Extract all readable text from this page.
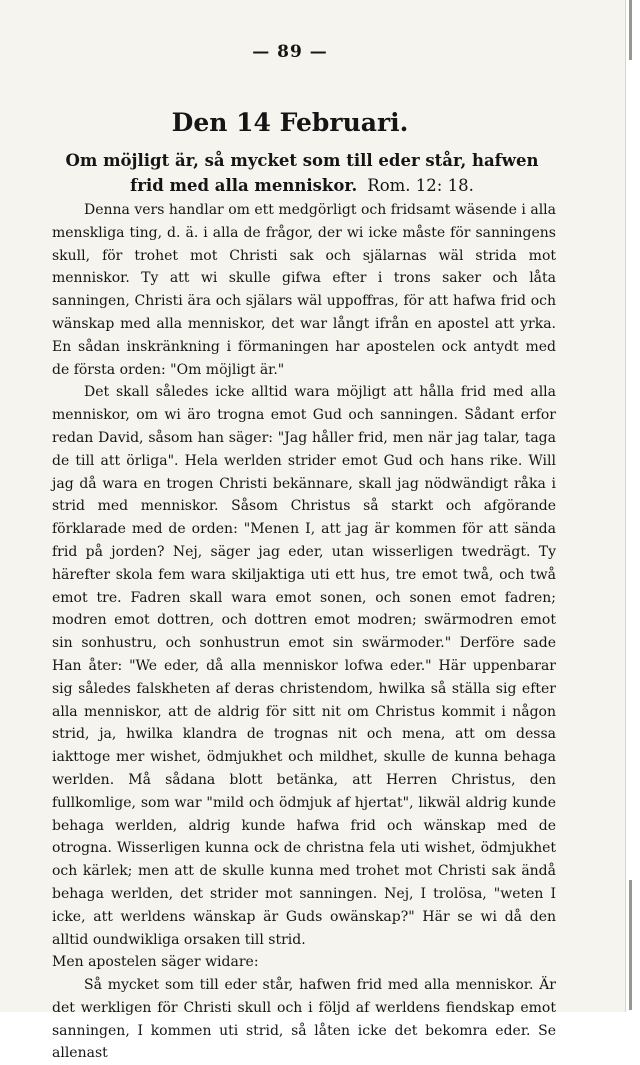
— 89 —
Den 14 Februari.
Om möjligt är, så mycket som till eder står, hafwen frid med alla menniskor. Rom. 12: 18.

Denna vers handlar om ett medgörligt och fridsamt wäsende i alla menskliga ting, d. ä. i alla de frågor, der wi icke måste för sanningens skull, för trohet mot Christi sak och själarnas wäl strida mot menniskor. Ty att wi skulle gifwa efter i trons saker och låta sanningen, Christi ära och själars wäl uppoffras, för att hafwa frid och wänskap med alla menniskor, det war långt ifrån en apostel att yrka. En sådan inskränkning i förmaningen har apostelen ock antydt med de första orden: "Om möjligt är."

Det skall således icke alltid wara möjligt att hålla frid med alla menniskor, om wi äro trogna emot Gud och sanningen. Sådant erfor redan David, såsom han säger: "Jag håller frid, men när jag talar, taga de till att örliga". Hela werlden strider emot Gud och hans rike. Will jag då wara en trogen Christi bekännare, skall jag nödwändigt råka i strid med menniskor. Såsom Christus så starkt och afgörande förklarade med de orden: "Menen I, att jag är kommen för att sända frid på jorden? Nej, säger jag eder, utan wisserligen twedrägt. Ty härefter skola fem wara skiljaktiga uti ett hus, tre emot twå, och twå emot tre. Fadren skall wara emot sonen, och sonen emot fadren; modren emot dottren, och dottren emot modren; swärmodren emot sin sonhustru, och sonhustrun emot sin swärmoder." Derföre sade Han åter: "We eder, då alla menniskor lofwa eder." Här uppenbarar sig således falskheten af deras christendom, hwilka så ställa sig efter alla menniskor, att de aldrig för sitt nit om Christus kommit i någon strid, ja, hwilka klandra de trognas nit och mena, att om dessa iakttoge mer wishet, ödmjukhet och mildhet, skulle de kunna behaga werlden. Må sådana blott betänka, att Herren Christus, den fullkomlige, som war "mild och ödmjuk af hjertat", likwäl aldrig kunde behaga werlden, aldrig kunde hafwa frid och wänskap med de otrogna. Wisserligen kunna ock de christna fela uti wishet, ödmjukhet och kärlek; men att de skulle kunna med trohet mot Christi sak ändå behaga werlden, det strider mot sanningen. Nej, I trolösa, "weten I icke, att werldens wänskap är Guds owänskap?" Här se wi då den alltid oundwikliga orsaken till strid.

Men apostelen säger widare:

Så mycket som till eder står, hafwen frid med alla menniskor. Är det werkligen för Christi skull och i följd af werldens fiendskap emot sanningen, I kommen uti strid, så låten icke det bekomra eder. Se allenast
